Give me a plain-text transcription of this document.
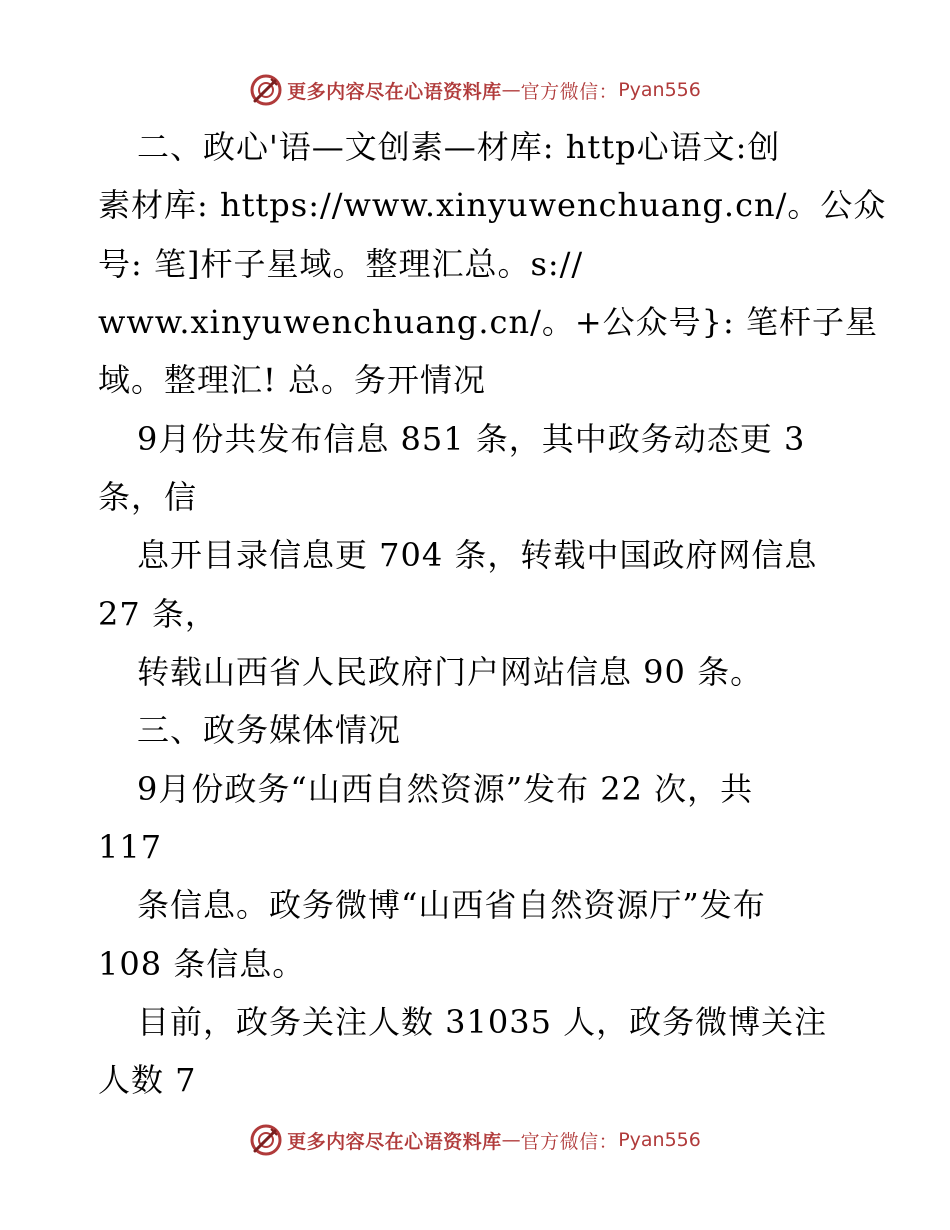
更多内容尽在心语资料库 — 官方微信： Pyan556
二、政心'语—文创素—材库: http心语文:创
素材库: https://www.xinyuwenchuang.cn/。公众
号: 笔]杆子星域。整理汇总。s://
www.xinyuwenchuang.cn/。+公众号}: 笔杆子星
域。整理汇! 总。务开情况
9月份共发布信息 851 条，其中政务动态更 3
条，信
息开目录信息更 704 条，转载中国政府网信息
27 条，
转载山西省人民政府门户网站信息 90 条。
三、政务媒体情况
9月份政务“山西自然资源”发布 22 次，共
117
条信息。政务微博“山西省自然资源厅”发布
108 条信息。
目前，政务关注人数 31035 人，政务微博关注
人数 7
更多内容尽在心语资料库 — 官方微信： Pyan556
